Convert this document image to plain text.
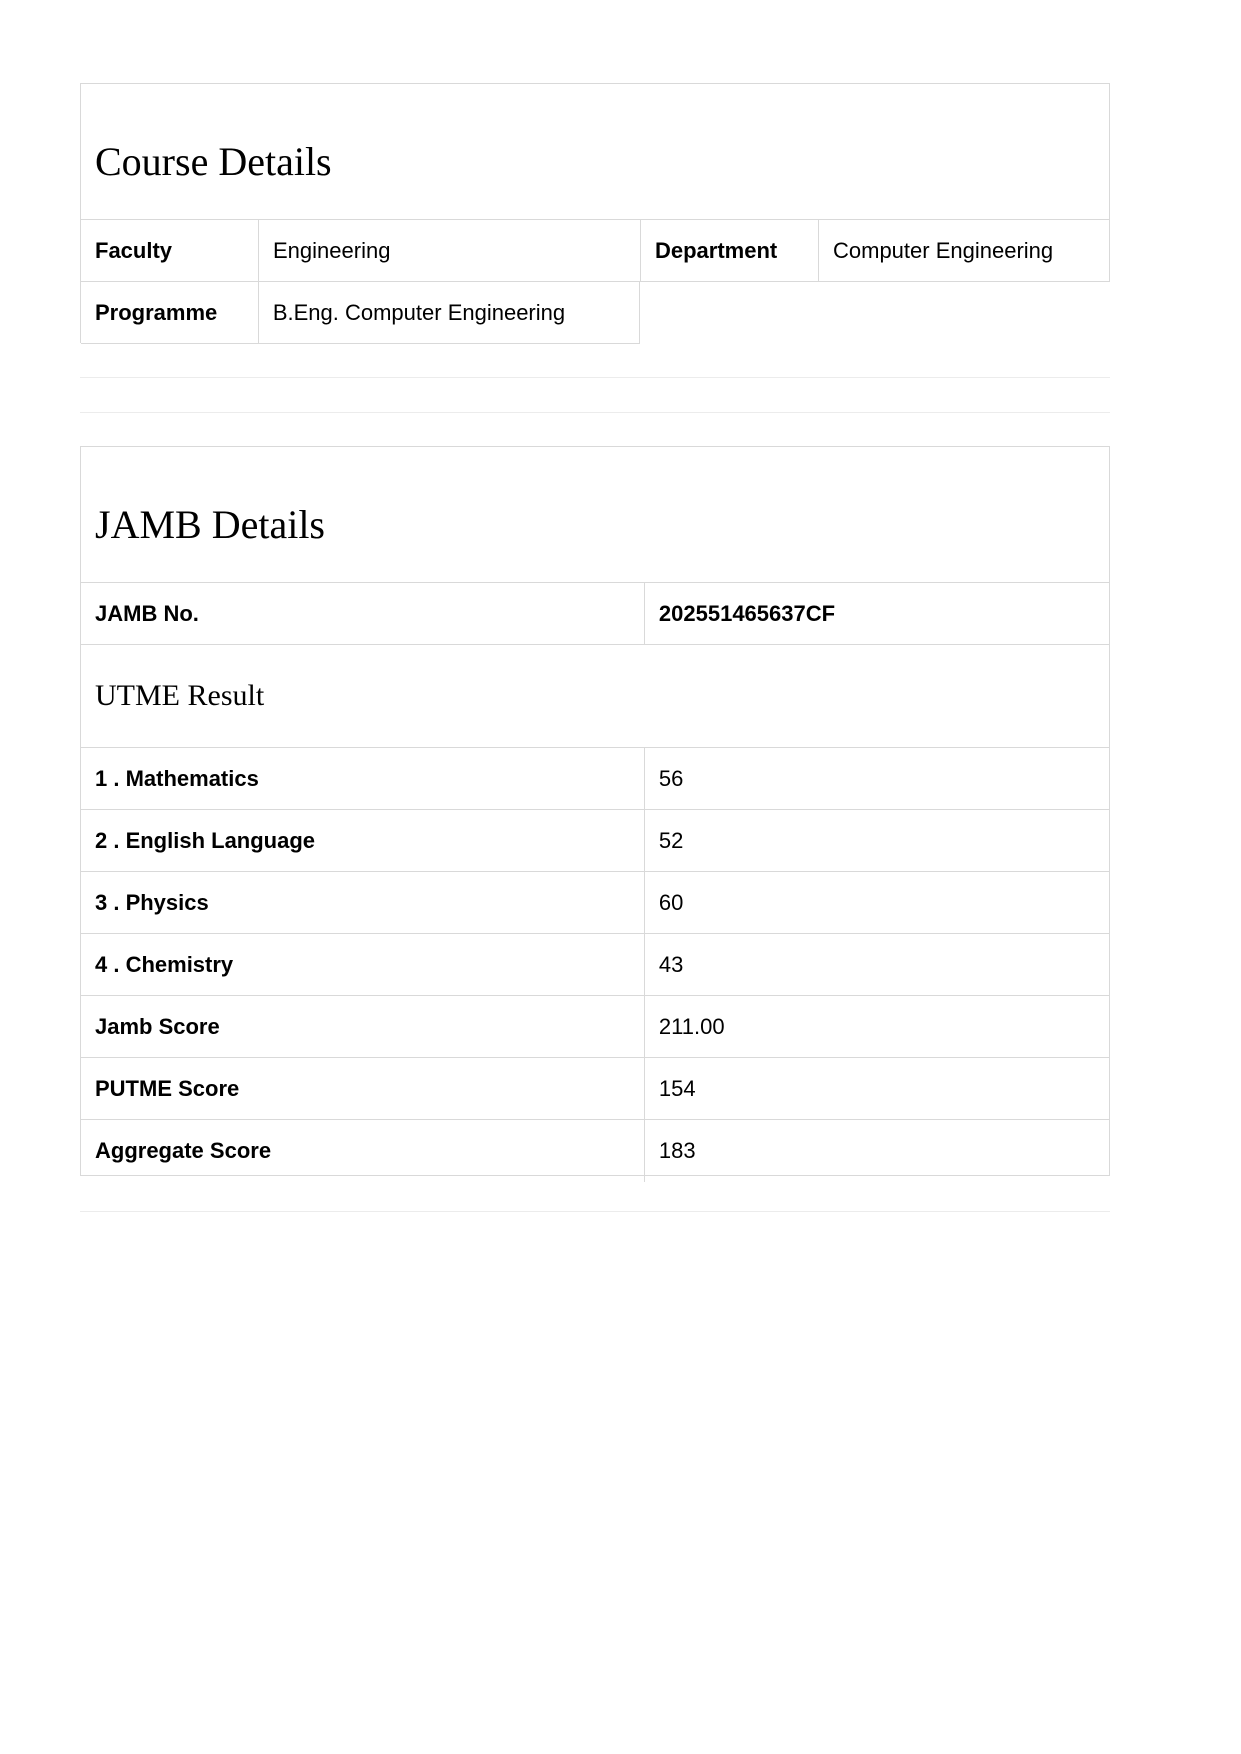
Course Details
Faculty	Engineering	Department	Computer Engineering
Programme	B.Eng. Computer Engineering
JAMB Details
JAMB No.	202551465637CF
UTME Result
1 . Mathematics	56
2 . English Language	52
3 . Physics	60
4 . Chemistry	43
Jamb Score	211.00
PUTME Score	154
Aggregate Score	183
